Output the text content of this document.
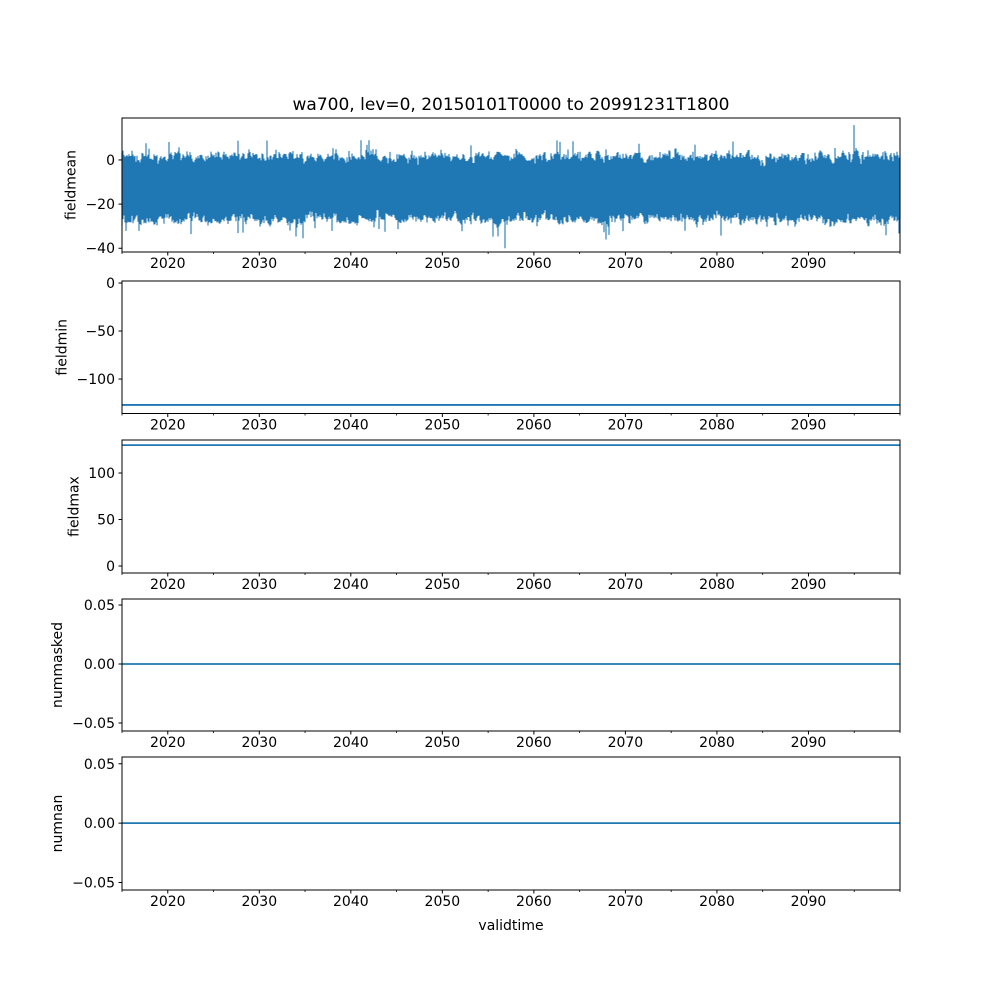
wa700, lev=0, 20150101T0000 to 20991231T1800
2020	2030	2040	2050	2060	2070	2080	2090
0
−20
−40
fieldmean
2020	2030	2040	2050	2060	2070	2080	2090
0
−50
−100
fieldmin
2020	2030	2040	2050	2060	2070	2080	2090
100
50
0
fieldmax
2020	2030	2040	2050	2060	2070	2080	2090
0.05
0.00
−0.05
nummasked
2020	2030	2040	2050	2060	2070	2080	2090
0.05
0.00
−0.05
numnan
validtime
